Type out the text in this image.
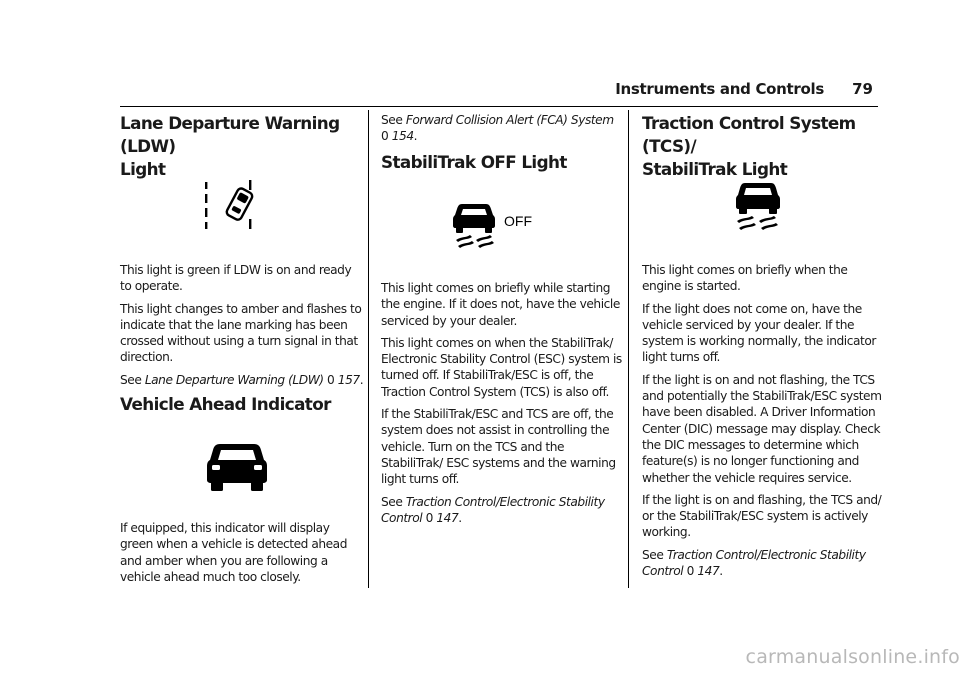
Instruments and Controls 79
Lane Departure Warning (LDW)
Light

This light is green if LDW is on and ready to operate.

This light changes to amber and flashes to indicate that the lane marking has been crossed without using a turn signal in that direction.

See Lane Departure Warning (LDW) 0 157.

Vehicle Ahead Indicator

If equipped, this indicator will display green when a vehicle is detected ahead and amber when you are following a vehicle ahead much too closely.

See Forward Collision Alert (FCA) System
0 154.

StabiliTrak OFF Light
OFF

This light comes on briefly while starting the engine. If it does not, have the vehicle serviced by your dealer.

This light comes on when the StabiliTrak/ Electronic Stability Control (ESC) system is turned off. If StabiliTrak/ESC is off, the Traction Control System (TCS) is also off.

If the StabiliTrak/ESC and TCS are off, the system does not assist in controlling the vehicle. Turn on the TCS and the StabiliTrak/ ESC systems and the warning light turns off.

See Traction Control/Electronic Stability Control 0 147.

Traction Control System (TCS)/
StabiliTrak Light

This light comes on briefly when the engine is started.

If the light does not come on, have the vehicle serviced by your dealer. If the system is working normally, the indicator light turns off.

If the light is on and not flashing, the TCS and potentially the StabiliTrak/ESC system have been disabled. A Driver Information Center (DIC) message may display. Check the DIC messages to determine which feature(s) is no longer functioning and whether the vehicle requires service.

If the light is on and flashing, the TCS and/ or the StabiliTrak/ESC system is actively working.

See Traction Control/Electronic Stability Control 0 147.

carmanualsonline.info
